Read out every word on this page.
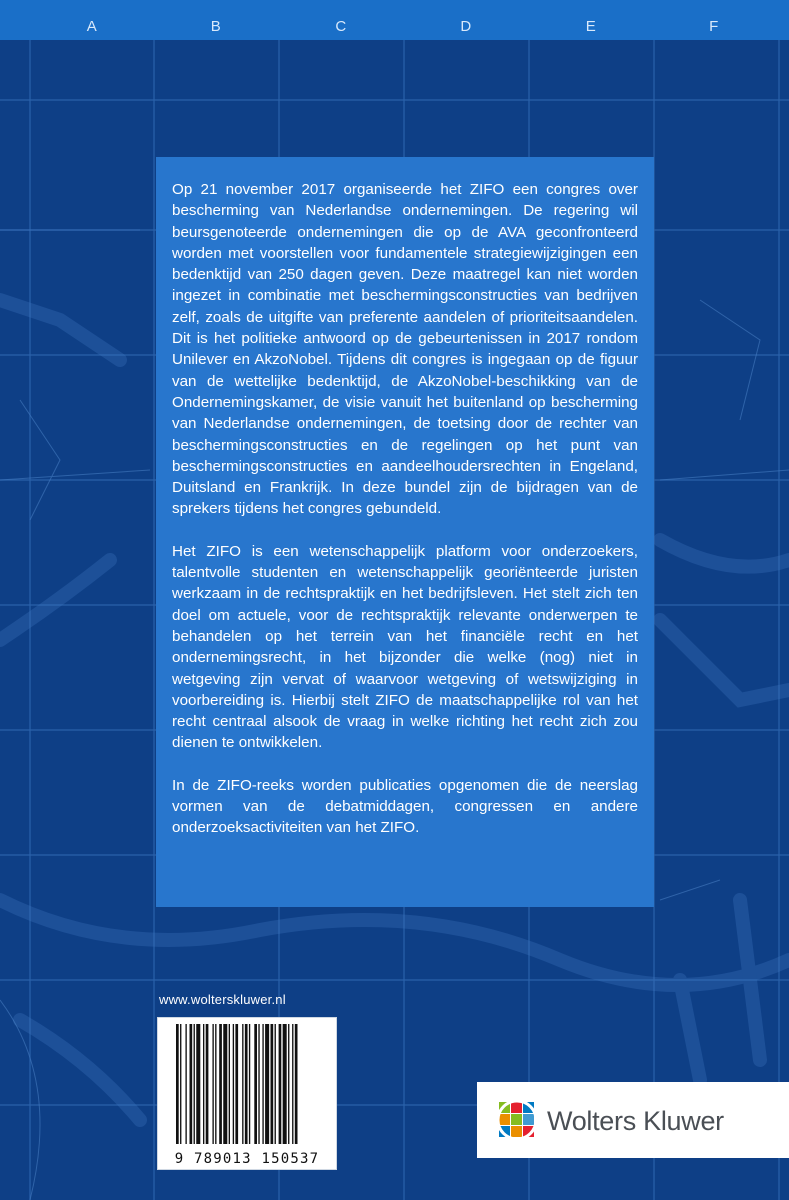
A	B	C	D	E	F

Op 21 november 2017 organiseerde het ZIFO een congres over bescherming van Nederlandse ondernemingen. De regering wil beursgenoteerde ondernemingen die op de AVA geconfronteerd worden met voorstellen voor fundamentele strategiewijzigingen een bedenktijd van 250 dagen geven. Deze maatregel kan niet worden ingezet in combinatie met beschermingsconstructies van bedrijven zelf, zoals de uitgifte van preferente aandelen of prioriteitsaandelen. Dit is het politieke antwoord op de gebeurtenissen in 2017 rondom Unilever en AkzoNobel. Tijdens dit congres is ingegaan op de figuur van de wettelijke bedenktijd, de AkzoNobel-beschikking van de Ondernemingskamer, de visie vanuit het buitenland op bescherming van Nederlandse ondernemingen, de toetsing door de rechter van beschermingsconstructies en de regelingen op het punt van beschermingsconstructies en aandeelhoudersrechten in Engeland, Duitsland en Frankrijk. In deze bundel zijn de bijdragen van de sprekers tijdens het congres gebundeld.

Het ZIFO is een wetenschappelijk platform voor onderzoekers, talentvolle studenten en wetenschappelijk georiënteerde juristen werkzaam in de rechtspraktijk en het bedrijfsleven. Het stelt zich ten doel om actuele, voor de rechtspraktijk relevante onderwerpen te behandelen op het terrein van het financiële recht en het ondernemingsrecht, in het bijzonder die welke (nog) niet in wetgeving zijn vervat of waarvoor wetgeving of wetswijziging in voorbereiding is. Hierbij stelt ZIFO de maatschappelijke rol van het recht centraal alsook de vraag in welke richting het recht zich zou dienen te ontwikkelen.

In de ZIFO-reeks worden publicaties opgenomen die de neerslag vormen van de debatmiddagen, congressen en andere onderzoeksactiviteiten van het ZIFO.

www.wolterskluwer.nl
9 789013 150537
Wolters Kluwer
